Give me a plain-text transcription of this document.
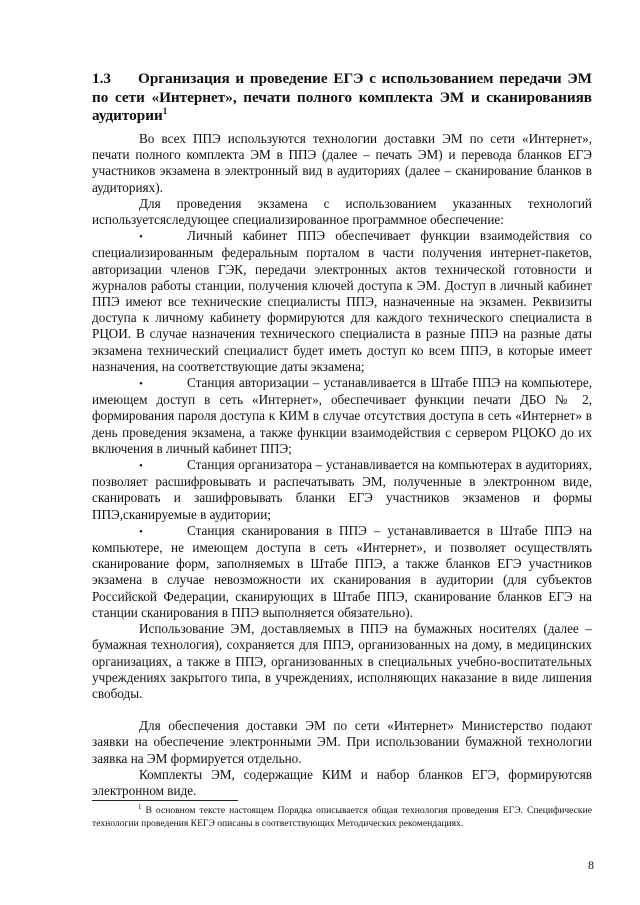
1.3 Организация и проведение ЕГЭ с использованием передачи ЭМ по сети «Интернет», печати полного комплекта ЭМ и сканированияв аудитории$^1$

Во всех ППЭ используются технологии доставки ЭМ по сети «Интернет», печати полного комплекта ЭМ в ППЭ (далее – печать ЭМ) и перевода бланков ЕГЭ участников экзамена в электронный вид в аудиториях (далее – сканирование бланков в аудиториях).

Для проведения экзамена с использованием указанных технологий используетсяследующее специализированное программное обеспечение:

•	Личный кабинет ППЭ обеспечивает функции взаимодействия со специализированным федеральным порталом в части получения интернет-пакетов, авторизации членов ГЭК, передачи электронных актов технической готовности и журналов работы станции, получения ключей доступа к ЭМ. Доступ в личный кабинет ППЭ имеют все технические специалисты ППЭ, назначенные на экзамен. Реквизиты доступа к личному кабинету формируются для каждого технического специалиста в РЦОИ. В случае назначения технического специалиста в разные ППЭ на разные даты экзамена технический специалист будет иметь доступ ко всем ППЭ, в которые имеет назначения, на соответствующие даты экзамена;

•	Станция авторизации – устанавливается в Штабе ППЭ на компьютере, имеющем доступ в сеть «Интернет», обеспечивает функции печати ДБО № 2, формирования пароля доступа к КИМ в случае отсутствия доступа в сеть «Интернет» в день проведения экзамена, а также функции взаимодействия с сервером РЦОКО до их включения в личный кабинет ППЭ;

•	Станция организатора – устанавливается на компьютерах в аудиториях, позволяет расшифровывать и распечатывать ЭМ, полученные в электронном виде, сканировать и зашифровывать бланки ЕГЭ участников экзаменов и формы ППЭ,сканируемые в аудитории;

•	Станция сканирования в ППЭ – устанавливается в Штабе ППЭ на компьютере, не имеющем доступа в сеть «Интернет», и позволяет осуществлять сканирование форм, заполняемых в Штабе ППЭ, а также бланков ЕГЭ участников экзамена в случае невозможности их сканирования в аудитории (для субъектов Российской Федерации, сканирующих в Штабе ППЭ, сканирование бланков ЕГЭ на станции сканирования в ППЭ выполняется обязательно).

Использование ЭМ, доставляемых в ППЭ на бумажных носителях (далее – бумажная технология), сохраняется для ППЭ, организованных на дому, в медицинских организациях, а также в ППЭ, организованных в специальных учебно-воспитательных учреждениях закрытого типа, в учреждениях, исполняющих наказание в виде лишения свободы.

Для обеспечения доставки ЭМ по сети «Интернет» Министерство подают заявки на обеспечение электронными ЭМ. При использовании бумажной технологии заявка на ЭМ формируется отдельно.

Комплекты ЭМ, содержащие КИМ и набор бланков ЕГЭ, формируютсяв электронном виде.

$^1$ В основном тексте настоящем Порядка описывается общая технология проведения ЕГЭ. Специфические технологии проведения КЕГЭ описаны в соответствующих Методических рекомендациях.

8
